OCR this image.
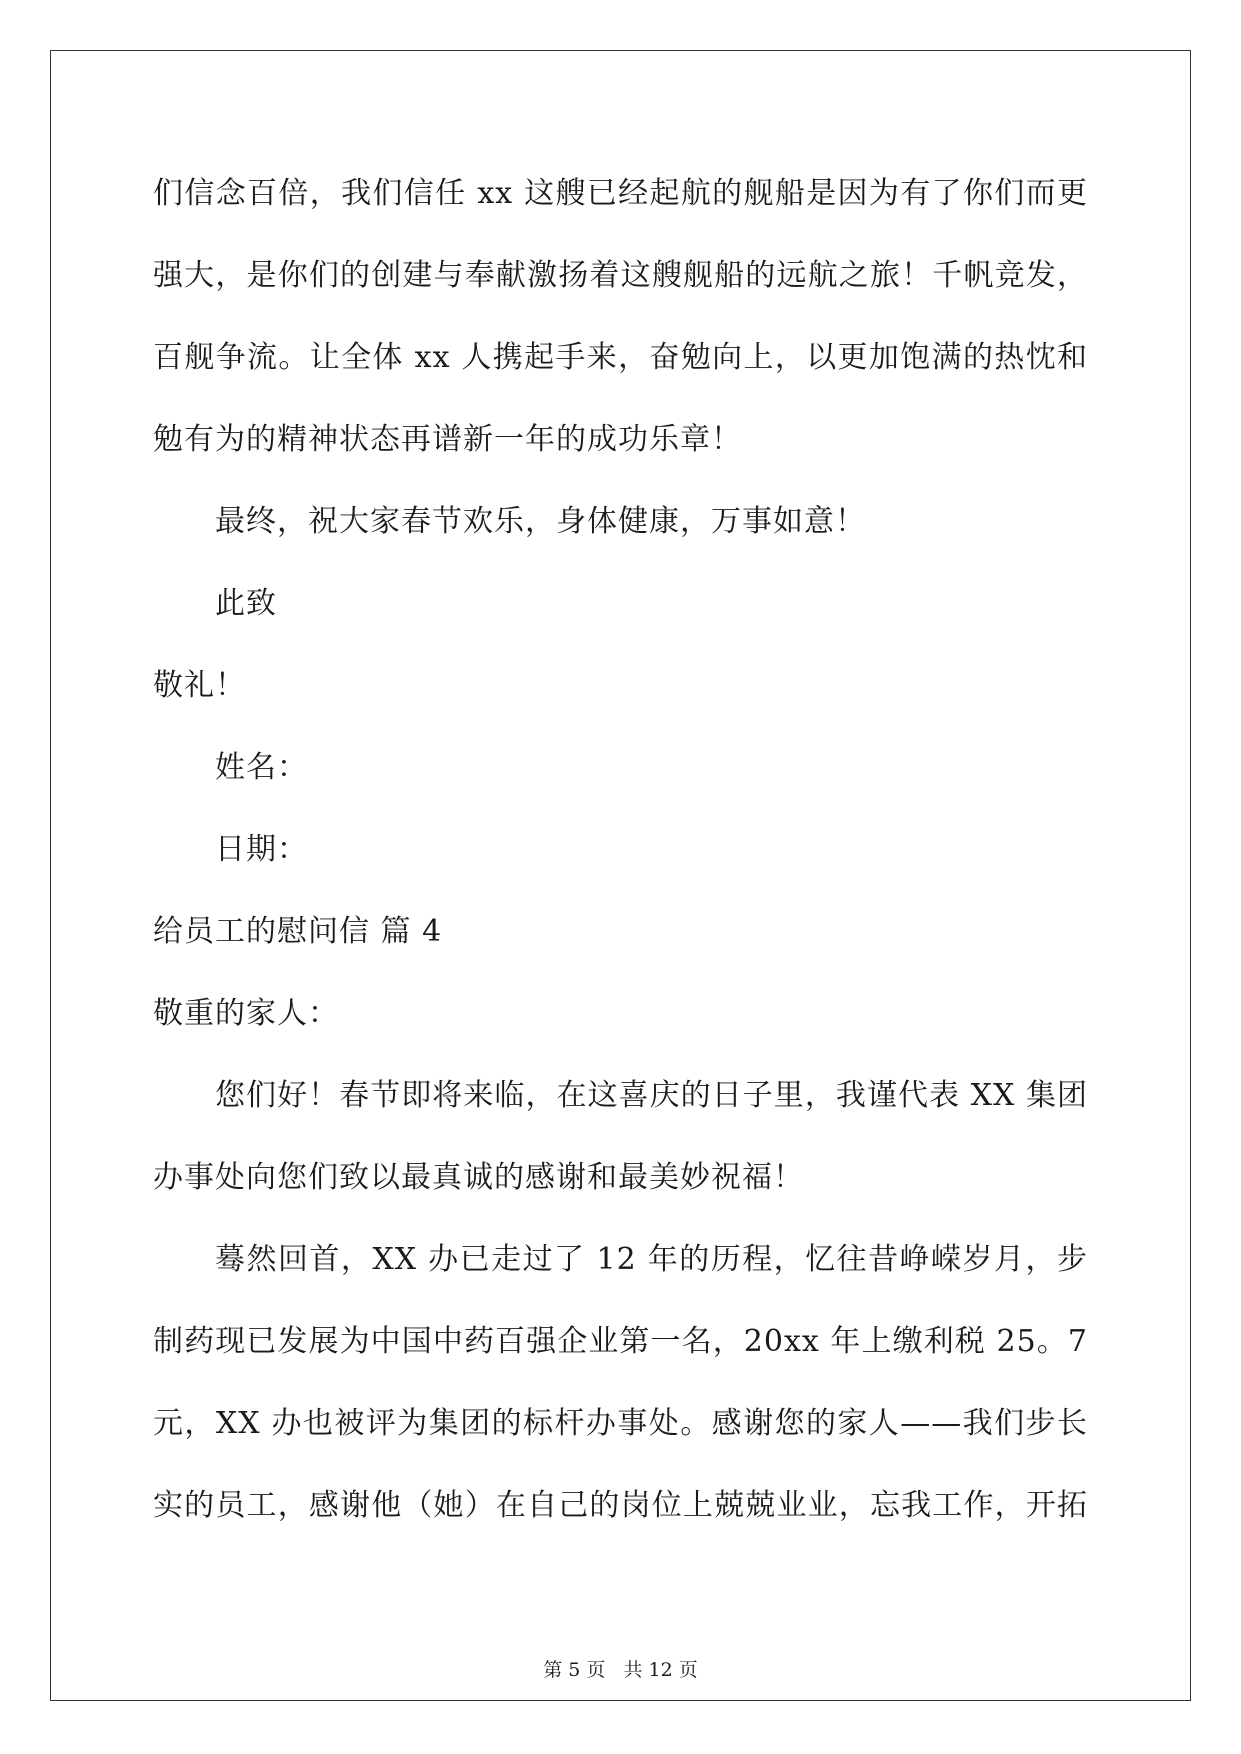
们信念百倍，我们信任 xx 这艘已经起航的舰船是因为有了你们而更
强大，是你们的创建与奉献激扬着这艘舰船的远航之旅！千帆竞发，
百舰争流。让全体 xx 人携起手来，奋勉向上，以更加饱满的热忱和
勉有为的精神状态再谱新一年的成功乐章！
最终，祝大家春节欢乐，身体健康，万事如意！
此致
敬礼！
姓名：
日期：
给员工的慰问信 篇 4
敬重的家人：
您们好！春节即将来临，在这喜庆的日子里，我谨代表 XX 集团
办事处向您们致以最真诚的感谢和最美妙祝福！
蓦然回首，XX 办已走过了 12 年的历程，忆往昔峥嵘岁月，步
制药现已发展为中国中药百强企业第一名，20xx 年上缴利税 25。7
元，XX 办也被评为集团的标杆办事处。感谢您的家人——我们步长
实的员工，感谢他（她）在自己的岗位上兢兢业业，忘我工作，开拓
第 5 页 共 12 页
